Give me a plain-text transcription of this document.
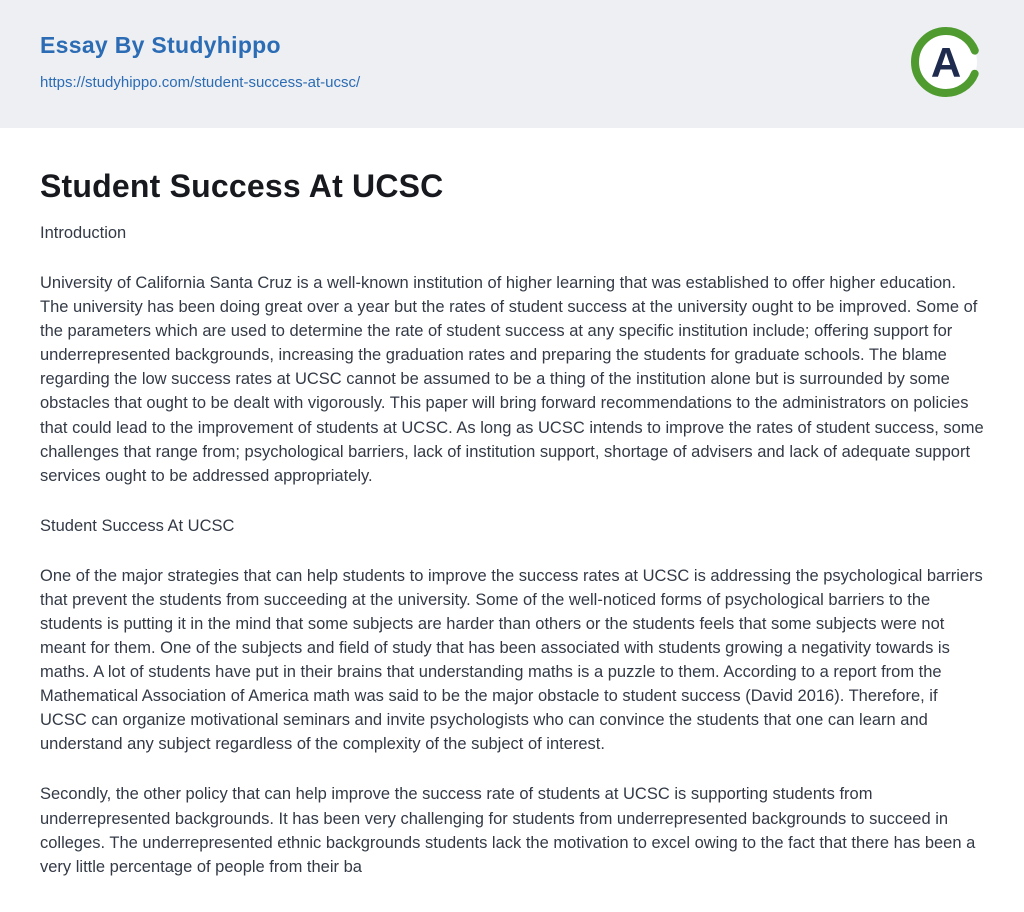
Essay By Studyhippo
https://studyhippo.com/student-success-at-ucsc/	A
Student Success At UCSC

Introduction

University of California Santa Cruz is a well-known institution of higher learning that was established to offer higher education. The university has been doing great over a year but the rates of student success at the university ought to be improved. Some of the parameters which are used to determine the rate of student success at any specific institution include; offering support for underrepresented backgrounds, increasing the graduation rates and preparing the students for graduate schools. The blame regarding the low success rates at UCSC cannot be assumed to be a thing of the institution alone but is surrounded by some obstacles that ought to be dealt with vigorously. This paper will bring forward recommendations to the administrators on policies that could lead to the improvement of students at UCSC. As long as UCSC intends to improve the rates of student success, some challenges that range from; psychological barriers, lack of institution support, shortage of advisers and lack of adequate support services ought to be addressed appropriately.

Student Success At UCSC

One of the major strategies that can help students to improve the success rates at UCSC is addressing the psychological barriers that prevent the students from succeeding at the university. Some of the well-noticed forms of psychological barriers to the students is putting it in the mind that some subjects are harder than others or the students feels that some subjects were not meant for them. One of the subjects and field of study that has been associated with students growing a negativity towards is maths. A lot of students have put in their brains that understanding maths is a puzzle to them. According to a report from the Mathematical Association of America math was said to be the major obstacle to student success (David 2016). Therefore, if UCSC can organize motivational seminars and invite psychologists who can convince the students that one can learn and understand any subject regardless of the complexity of the subject of interest.

Secondly, the other policy that can help improve the success rate of students at UCSC is supporting students from underrepresented backgrounds. It has been very challenging for students from underrepresented backgrounds to succeed in colleges. The underrepresented ethnic backgrounds students lack the motivation to excel owing to the fact that there has been a very little percentage of people from their ba
